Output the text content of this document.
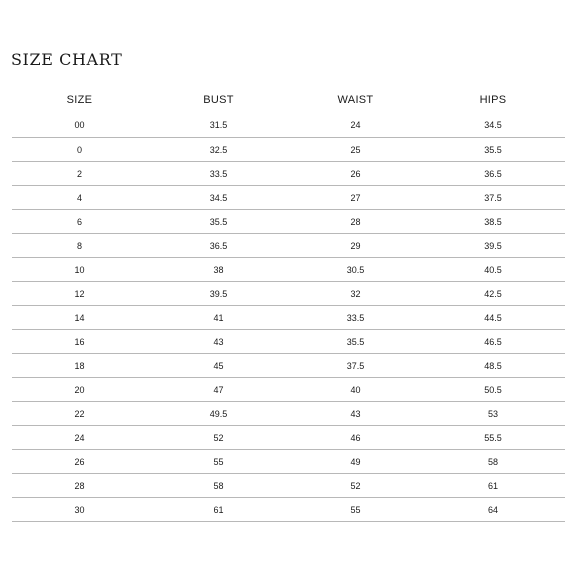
SIZE CHART
SIZE	BUST	WAIST	HIPS
00	31.5	24	34.5
0	32.5	25	35.5
2	33.5	26	36.5
4	34.5	27	37.5
6	35.5	28	38.5
8	36.5	29	39.5
10	38	30.5	40.5
12	39.5	32	42.5
14	41	33.5	44.5
16	43	35.5	46.5
18	45	37.5	48.5
20	47	40	50.5
22	49.5	43	53
24	52	46	55.5
26	55	49	58
28	58	52	61
30	61	55	64
